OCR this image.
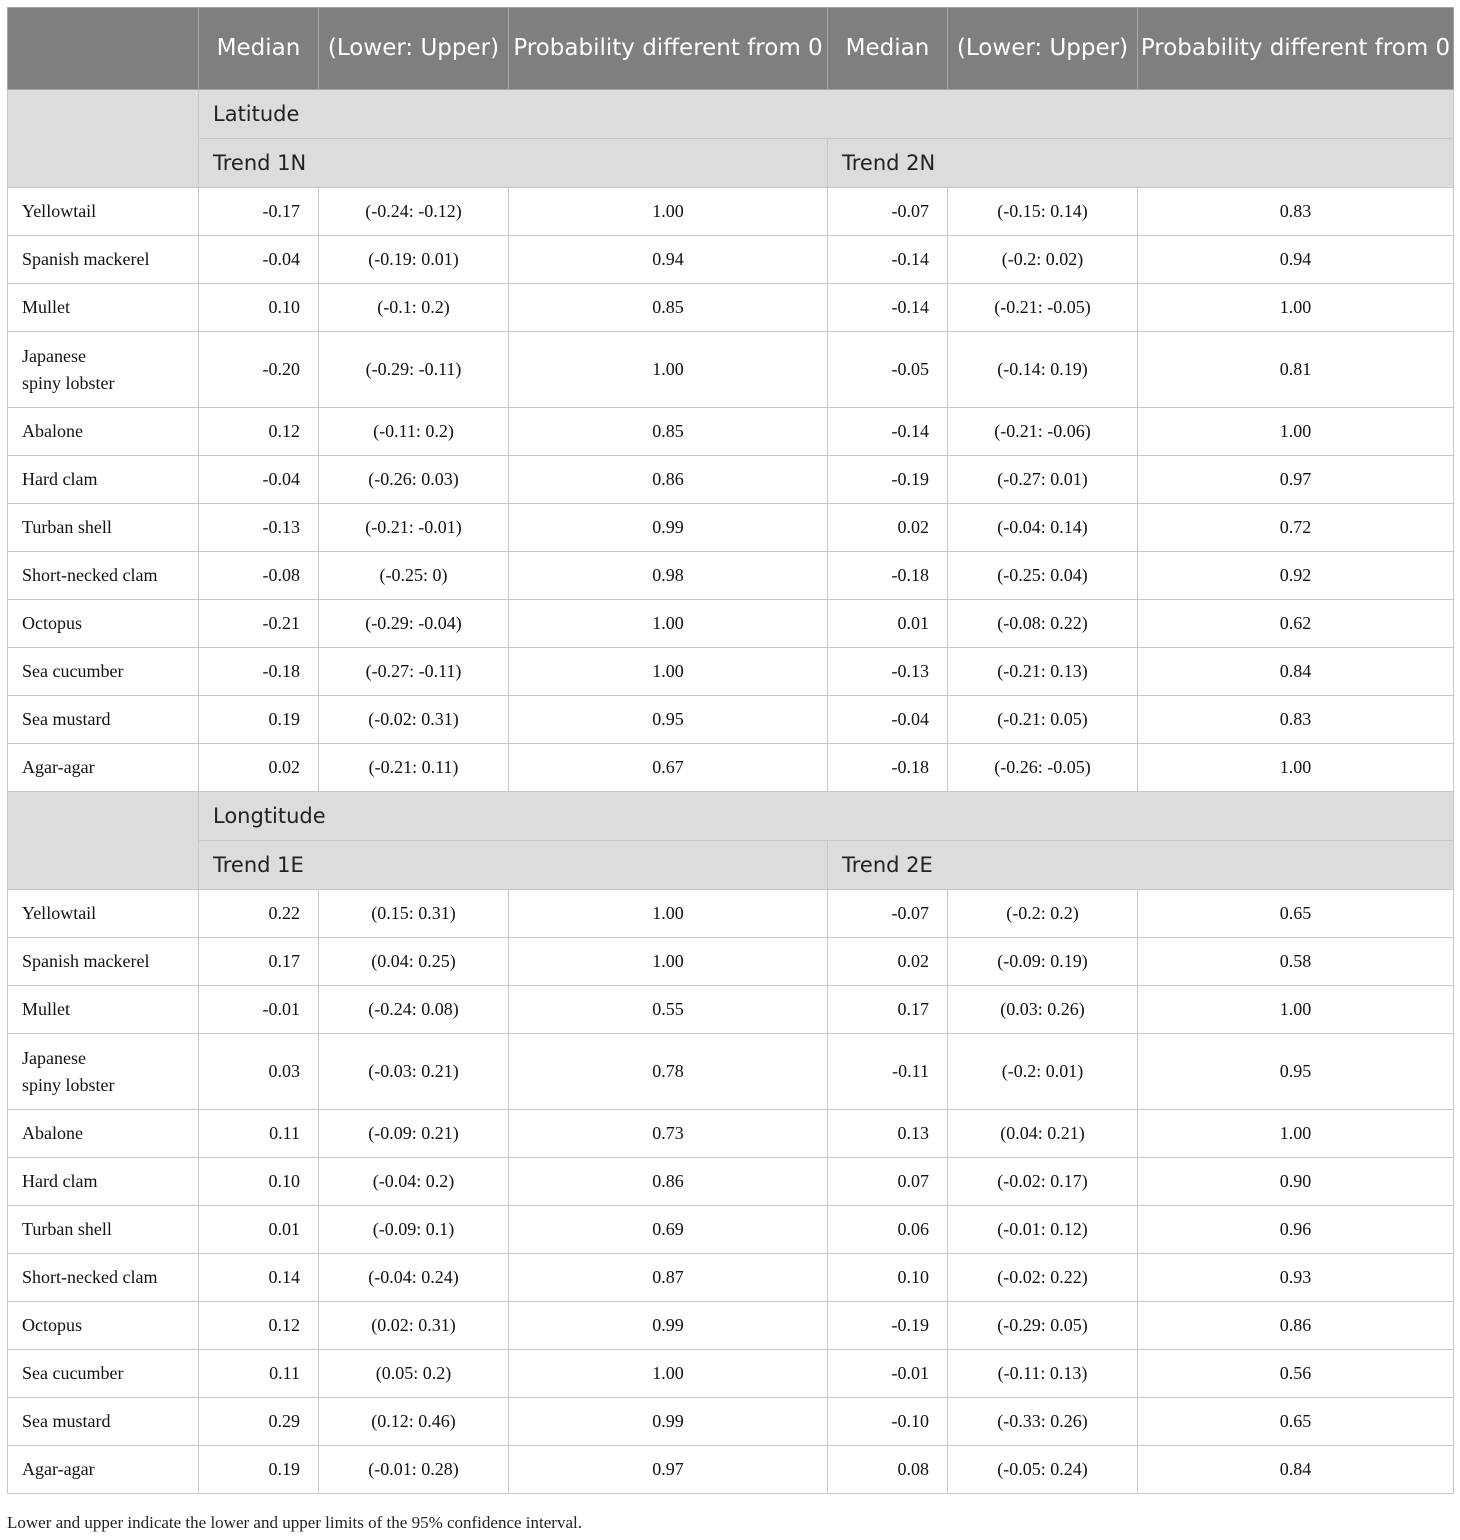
	Median	(Lower: Upper)	Probability different from 0	Median	(Lower: Upper)	Probability different from 0
	Latitude					
	Trend 1N			Trend 2N		
Yellowtail	-0.17	(-0.24: -0.12)	1.00	-0.07	(-0.15: 0.14)	0.83
Spanish mackerel	-0.04	(-0.19: 0.01)	0.94	-0.14	(-0.2: 0.02)	0.94
Mullet	0.10	(-0.1: 0.2)	0.85	-0.14	(-0.21: -0.05)	1.00
Japanese spiny lobster	-0.20	(-0.29: -0.11)	1.00	-0.05	(-0.14: 0.19)	0.81
Abalone	0.12	(-0.11: 0.2)	0.85	-0.14	(-0.21: -0.06)	1.00
Hard clam	-0.04	(-0.26: 0.03)	0.86	-0.19	(-0.27: 0.01)	0.97
Turban shell	-0.13	(-0.21: -0.01)	0.99	0.02	(-0.04: 0.14)	0.72
Short-necked clam	-0.08	(-0.25: 0)	0.98	-0.18	(-0.25: 0.04)	0.92
Octopus	-0.21	(-0.29: -0.04)	1.00	0.01	(-0.08: 0.22)	0.62
Sea cucumber	-0.18	(-0.27: -0.11)	1.00	-0.13	(-0.21: 0.13)	0.84
Sea mustard	0.19	(-0.02: 0.31)	0.95	-0.04	(-0.21: 0.05)	0.83
Agar-agar	0.02	(-0.21: 0.11)	0.67	-0.18	(-0.26: -0.05)	1.00
	Longtitude					
	Trend 1E			Trend 2E		
Yellowtail	0.22	(0.15: 0.31)	1.00	-0.07	(-0.2: 0.2)	0.65
Spanish mackerel	0.17	(0.04: 0.25)	1.00	0.02	(-0.09: 0.19)	0.58
Mullet	-0.01	(-0.24: 0.08)	0.55	0.17	(0.03: 0.26)	1.00
Japanese spiny lobster	0.03	(-0.03: 0.21)	0.78	-0.11	(-0.2: 0.01)	0.95
Abalone	0.11	(-0.09: 0.21)	0.73	0.13	(0.04: 0.21)	1.00
Hard clam	0.10	(-0.04: 0.2)	0.86	0.07	(-0.02: 0.17)	0.90
Turban shell	0.01	(-0.09: 0.1)	0.69	0.06	(-0.01: 0.12)	0.96
Short-necked clam	0.14	(-0.04: 0.24)	0.87	0.10	(-0.02: 0.22)	0.93
Octopus	0.12	(0.02: 0.31)	0.99	-0.19	(-0.29: 0.05)	0.86
Sea cucumber	0.11	(0.05: 0.2)	1.00	-0.01	(-0.11: 0.13)	0.56
Sea mustard	0.29	(0.12: 0.46)	0.99	-0.10	(-0.33: 0.26)	0.65
Agar-agar	0.19	(-0.01: 0.28)	0.97	0.08	(-0.05: 0.24)	0.84
Lower and upper indicate the lower and upper limits of the 95% confidence interval.
